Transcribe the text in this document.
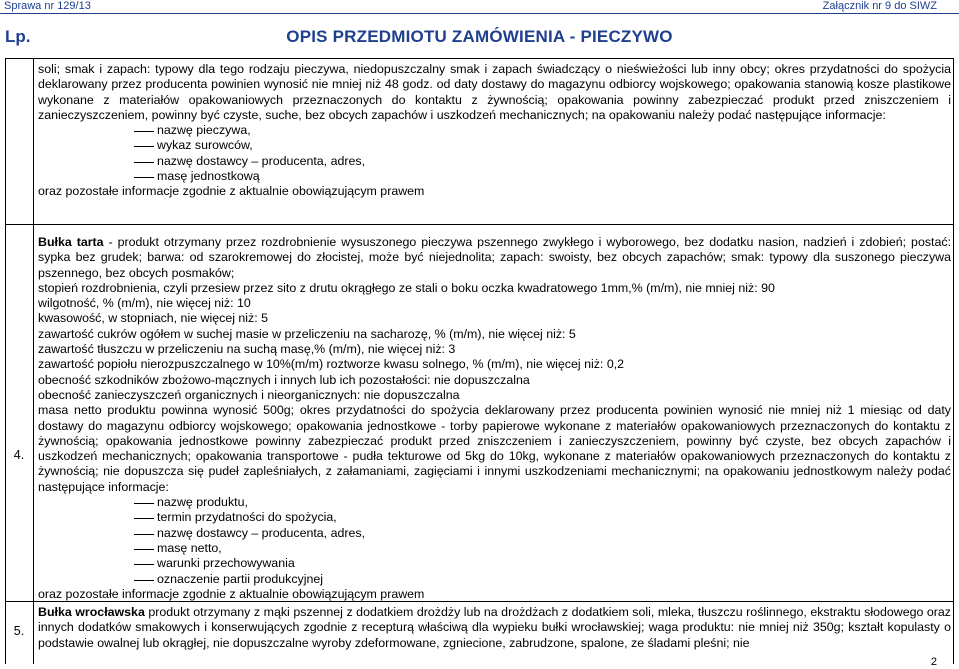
Sprawa nr 129/13	Załącznik nr 9 do SIWZ
Lp.	OPIS PRZEDMIOTU ZAMÓWIENIA - PIECZYWO

soli; smak i zapach: typowy dla tego rodzaju pieczywa, niedopuszczalny smak i zapach świadczący o nieświeżości lub inny obcy; okres przydatności do spożycia deklarowany przez producenta powinien wynosić nie mniej niż 48 godz. od daty dostawy do magazynu odbiorcy wojskowego; opakowania stanowią kosze plastikowe wykonane z materiałów opakowaniowych przeznaczonych do kontaktu z żywnością; opakowania powinny zabezpieczać produkt przed zniszczeniem i zanieczyszczeniem, powinny być czyste, suche, bez obcych zapachów i uszkodzeń mechanicznych; na opakowaniu należy podać następujące informacje:

nazwę pieczywa,
wykaz surowców,
nazwę dostawcy – producenta, adres,
masę jednostkową

oraz pozostałe informacje zgodnie z aktualnie obowiązującym prawem

4.

Bułka tarta - produkt otrzymany przez rozdrobnienie wysuszonego pieczywa pszennego zwykłego i wyborowego, bez dodatku nasion, nadzień i zdobień; postać: sypka bez grudek; barwa: od szarokremowej do złocistej, może być niejednolita; zapach: swoisty, bez obcych zapachów; smak: typowy dla suszonego pieczywa pszennego, bez obcych posmaków;

stopień rozdrobnienia, czyli przesiew przez sito z drutu okrągłego ze stali o boku oczka kwadratowego 1mm,% (m/m), nie mniej niż: 90

wilgotność, % (m/m), nie więcej niż: 10

kwasowość, w stopniach, nie więcej niż: 5

zawartość cukrów ogółem w suchej masie w przeliczeniu na sacharozę, % (m/m), nie więcej niż: 5

zawartość tłuszczu w przeliczeniu na suchą masę,% (m/m), nie więcej niż: 3

zawartość popiołu nierozpuszczalnego w 10%(m/m) roztworze kwasu solnego, % (m/m), nie więcej niż: 0,2

obecność szkodników zbożowo-mącznych i innych lub ich pozostałości: nie dopuszczalna

obecność zanieczyszczeń organicznych i nieorganicznych: nie dopuszczalna

masa netto produktu powinna wynosić 500g; okres przydatności do spożycia deklarowany przez producenta powinien wynosić nie mniej niż 1 miesiąc od daty dostawy do magazynu odbiorcy wojskowego; opakowania jednostkowe - torby papierowe wykonane z materiałów opakowaniowych przeznaczonych do kontaktu z żywnością; opakowania jednostkowe powinny zabezpieczać produkt przed zniszczeniem i zanieczyszczeniem, powinny być czyste, bez obcych zapachów i uszkodzeń mechanicznych; opakowania transportowe - pudła tekturowe od 5kg do 10kg, wykonane z materiałów opakowaniowych przeznaczonych do kontaktu z żywnością; nie dopuszcza się pudeł zapleśniałych, z załamaniami, zagięciami i innymi uszkodzeniami mechanicznymi; na opakowaniu jednostkowym należy podać następujące informacje:

nazwę produktu,
termin przydatności do spożycia,
nazwę dostawcy – producenta, adres,
masę netto,
warunki przechowywania
oznaczenie partii produkcyjnej

oraz pozostałe informacje zgodnie z aktualnie obowiązującym prawem

5.

Bułka wrocławska produkt otrzymany z mąki pszennej z dodatkiem drożdży lub na drożdżach z dodatkiem soli, mleka, tłuszczu roślinnego, ekstraktu słodowego oraz innych dodatków smakowych i konserwujących zgodnie z recepturą właściwą dla wypieku bułki wrocławskiej; waga produktu: nie mniej niż 350g; kształt kopulasty o podstawie owalnej lub okrągłej, nie dopuszczalne wyroby zdeformowane, zgniecione, zabrudzone, spalone, ze śladami pleśni; nie

2
